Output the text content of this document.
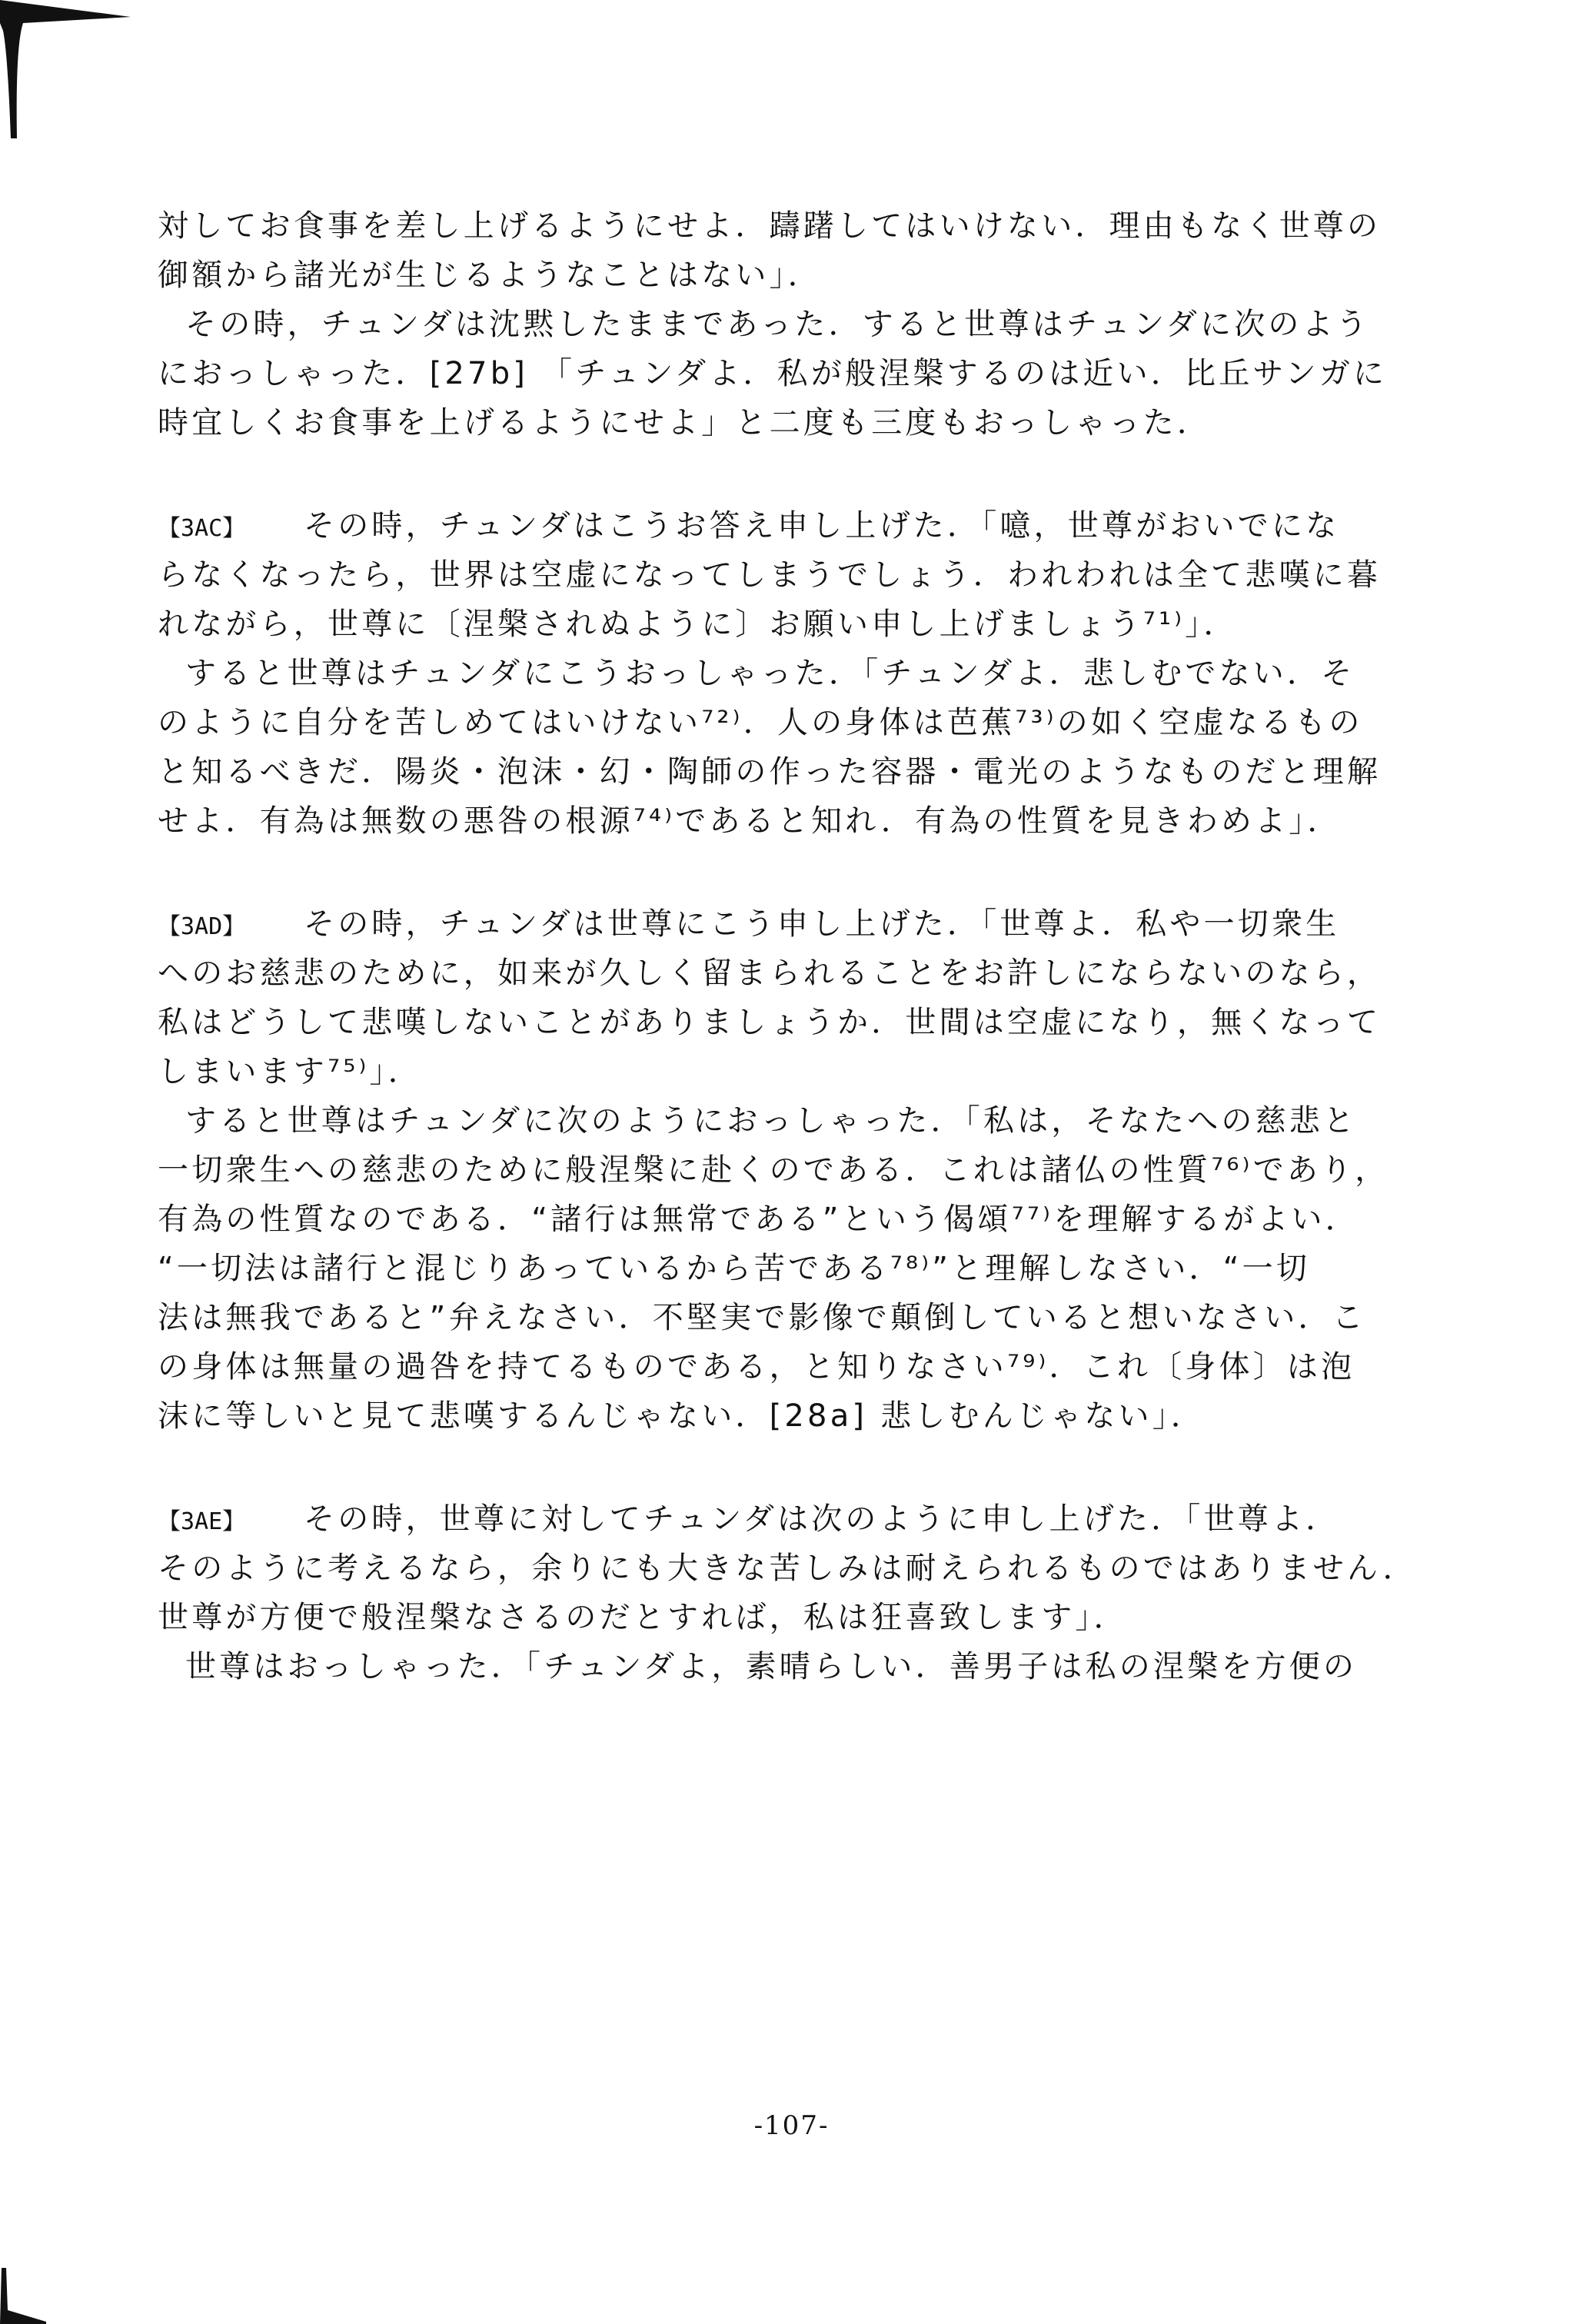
対してお食事を差し上げるようにせよ．躊躇してはいけない．理由もなく世尊の
御額から諸光が生じるようなことはない」．
その時，チュンダは沈黙したままであった．すると世尊はチュンダに次のよう
におっしゃった．[27b] 「チュンダよ．私が般涅槃するのは近い．比丘サンガに
時宜しくお食事を上げるようにせよ」と二度も三度もおっしゃった．
【3AC】 その時，チュンダはこうお答え申し上げた．「噫，世尊がおいでにな
らなくなったら，世界は空虚になってしまうでしょう．われわれは全て悲嘆に暮
れながら，世尊に〔涅槃されぬように〕お願い申し上げましょう⁷¹⁾」．
すると世尊はチュンダにこうおっしゃった．「チュンダよ．悲しむでない．そ
のように自分を苦しめてはいけない⁷²⁾．人の身体は芭蕉⁷³⁾の如く空虚なるもの
と知るべきだ．陽炎・泡沫・幻・陶師の作った容器・電光のようなものだと理解
せよ．有為は無数の悪咎の根源⁷⁴⁾であると知れ．有為の性質を見きわめよ」．
【3AD】 その時，チュンダは世尊にこう申し上げた．「世尊よ．私や一切衆生
へのお慈悲のために，如来が久しく留まられることをお許しにならないのなら，
私はどうして悲嘆しないことがありましょうか．世間は空虚になり，無くなって
しまいます⁷⁵⁾」．
すると世尊はチュンダに次のようにおっしゃった．「私は，そなたへの慈悲と
一切衆生への慈悲のために般涅槃に赴くのである．これは諸仏の性質⁷⁶⁾であり，
有為の性質なのである．“諸行は無常である”という偈頌⁷⁷⁾を理解するがよい．
“一切法は諸行と混じりあっているから苦である⁷⁸⁾”と理解しなさい．“一切
法は無我であると”弁えなさい．不堅実で影像で顛倒していると想いなさい．こ
の身体は無量の過咎を持てるものである，と知りなさい⁷⁹⁾．これ〔身体〕は泡
沫に等しいと見て悲嘆するんじゃない．[28a] 悲しむんじゃない」．
【3AE】 その時，世尊に対してチュンダは次のように申し上げた．「世尊よ．
そのように考えるなら，余りにも大きな苦しみは耐えられるものではありません．
世尊が方便で般涅槃なさるのだとすれば，私は狂喜致します」．
世尊はおっしゃった．「チュンダよ，素晴らしい．善男子は私の涅槃を方便の
-107-
